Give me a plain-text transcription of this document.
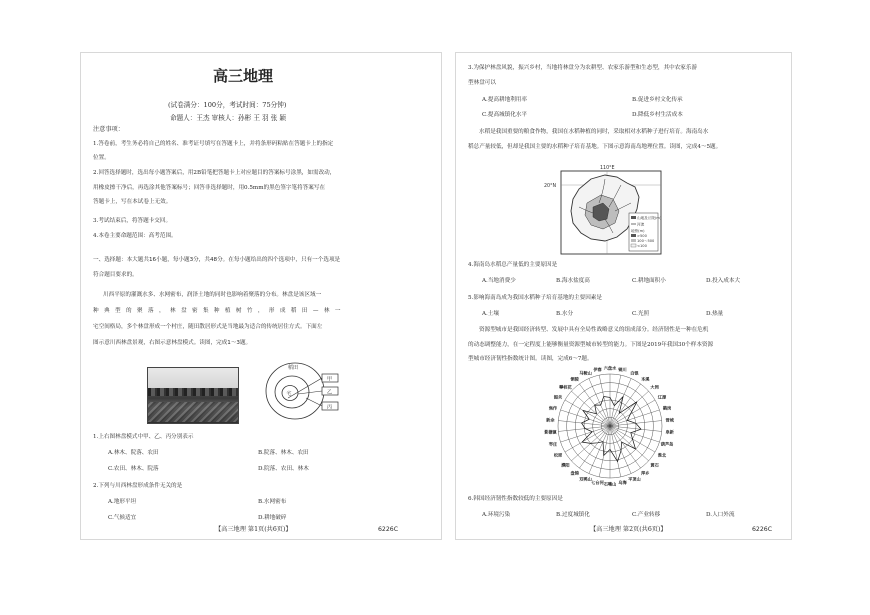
高三地理
(试卷满分：100分，考试时间：75分钟)
命题人：王杰 审核人：孙彬 王 羽 张 颖
注意事项：
1.答卷前，考生务必将自己的姓名、准考证号填写在答题卡上，并将条形码粘贴在答题卡上的指定
位置。
2.回答选择题时，选出每小题答案后，用2B铅笔把答题卡上对应题目的答案标号涂黑，如需改动，
用橡皮擦干净后，再选涂其他答案标号；回答非选择题时，用0.5mm的黑色签字笔将答案写在
答题卡上，写在本试卷上无效。
3.考试结束后，将答题卡交回。
4.本卷主要命题范围：高考范围。
一、选择题：本大题共16小题，每小题3分，共48分。在每小题给出的四个选项中，只有一个选项是
符合题目要求的。
川西平原的灌溉水多、水网密布，润泽土地的同时也影响着聚落的分布。林盘是该区域一
种典型的聚落，林盘密集种植树竹，形成稻田—林一
宅空间格局，多个林盘形成一个村庄，随田散居形式是当地最为适合的传统居住方式。下面左
图示意川西林盘景观，右图示意林盘模式。读图，完成1～3题。
稻田
宅
甲
乙
丙
1.上右图林盘模式中甲、乙、丙分别表示
A.林木、院落、农田	B.院落、林木、农田
C.农田、林木、院落	D.院落、农田、林木
2.下列与川西林盘形成条件无关的是
A.地形平坦	B.水网密布
C.气候适宜	D.耕地破碎
【高三地理 第1页(共6页)】	6226C
3.为保护林盘风貌，振兴乡村，当地将林盘分为农耕型、农家乐游型和生态型，其中农家乐游
型林盘可以
A.提高耕地利用率	B.促进乡村文化传承
C.提高城镇化水平	D.降低乡村生活成本
水稻是我国重要的粮食作物，我国在水稻种植的同时，采取相对水稻种子进行培育。海南岛水
稻总产量较低，但却是我国主要的水稻种子培育基地。下图示意海南岛地理位置。读图，完成4～5题。
110°E
20°N
山地及丘陵(m)
河流
地势(m)
>500
100～500
<100
4.海南岛水稻总产量低的主要原因是
A.当地消费少	B.海水盐度高	C.耕地面积小	D.投入成本大
5.影响海南岛成为我国水稻种子培育基地的主要因素是
A.土壤	B.水分	C.光照	D.热量
资源型城市是我国经济转型、发展中具有全局性战略意义的组成部分。经济韧性是一种在危机
的动态调整能力，在一定程度上能够衡量资源型城市转型的能力。下图是2019年我国30个样本资源
型城市经济韧性指数统计图。读图，完成6～7题。
六盘水 铜川
白银
本溪
大同
辽源
鹤岗
晋城
阜新
葫芦岛
淮北
黄石
萍乡
平顶山
乌海
石嘴山
七台河
双鸭山
盘锦
濮阳
松原
枣庄
景德镇
新余
焦作
韶关
攀枝花
铜陵
马鞍山
伊春
6.韩国经济韧性指数较低的主要原因是
A.环境污染	B.过度城镇化	C.产业转移	D.人口外流
【高三地理 第2页(共6页)】	6226C
